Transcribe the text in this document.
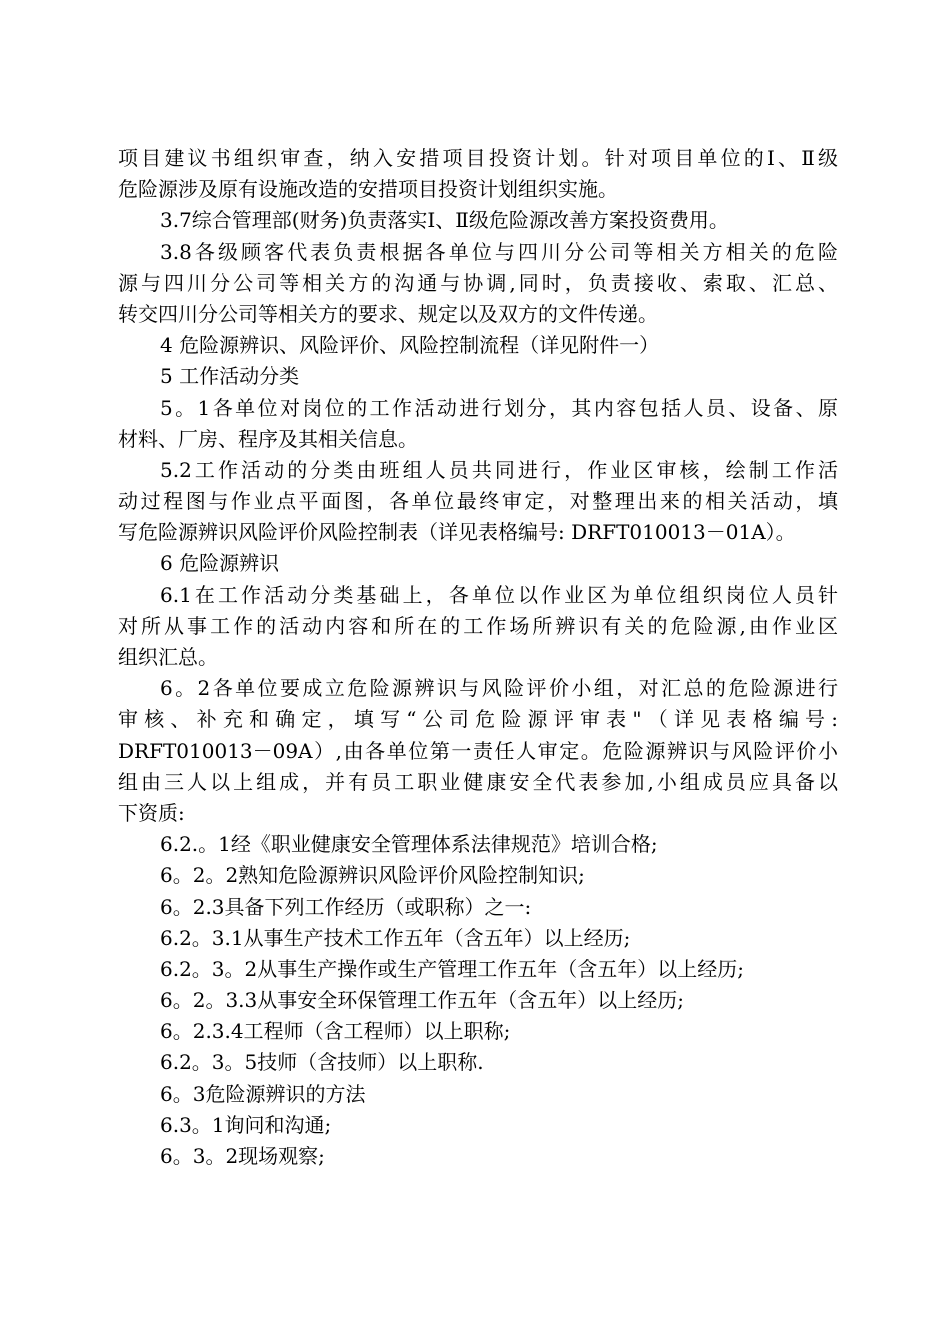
项目建议书组织审查，纳入安措项目投资计划。针对项目单位的Ⅰ、Ⅱ级
危险源涉及原有设施改造的安措项目投资计划组织实施。
3.7综合管理部(财务)负责落实Ⅰ、Ⅱ级危险源改善方案投资费用。
3.8各级顾客代表负责根据各单位与四川分公司等相关方相关的危险
源与四川分公司等相关方的沟通与协调,同时，负责接收、索取、汇总、
转交四川分公司等相关方的要求、规定以及双方的文件传递。
4 危险源辨识、风险评价、风险控制流程（详见附件一）
5 工作活动分类
5。1各单位对岗位的工作活动进行划分，其内容包括人员、设备、原
材料、厂房、程序及其相关信息。
5.2工作活动的分类由班组人员共同进行，作业区审核，绘制工作活
动过程图与作业点平面图，各单位最终审定，对整理出来的相关活动，填
写危险源辨识风险评价风险控制表（详见表格编号: DRFT010013－01A）。
6 危险源辨识
6.1在工作活动分类基础上，各单位以作业区为单位组织岗位人员针
对所从事工作的活动内容和所在的工作场所辨识有关的危险源,由作业区
组织汇总。
6。2各单位要成立危险源辨识与风险评价小组，对汇总的危险源进行
审核、补充和确定，填写“公司危险源评审表"（详见表格编号:
DRFT010013－09A）,由各单位第一责任人审定。危险源辨识与风险评价小
组由三人以上组成，并有员工职业健康安全代表参加,小组成员应具备以
下资质:
6.2.。1经《职业健康安全管理体系法律规范》培训合格;
6。2。2熟知危险源辨识风险评价风险控制知识;
6。2.3具备下列工作经历（或职称）之一:
6.2。3.1从事生产技术工作五年（含五年）以上经历;
6.2。3。2从事生产操作或生产管理工作五年（含五年）以上经历;
6。2。3.3从事安全环保管理工作五年（含五年）以上经历;
6。2.3.4工程师（含工程师）以上职称;
6.2。3。5技师（含技师）以上职称.
6。3危险源辨识的方法
6.3。1询问和沟通;
6。3。2现场观察;
